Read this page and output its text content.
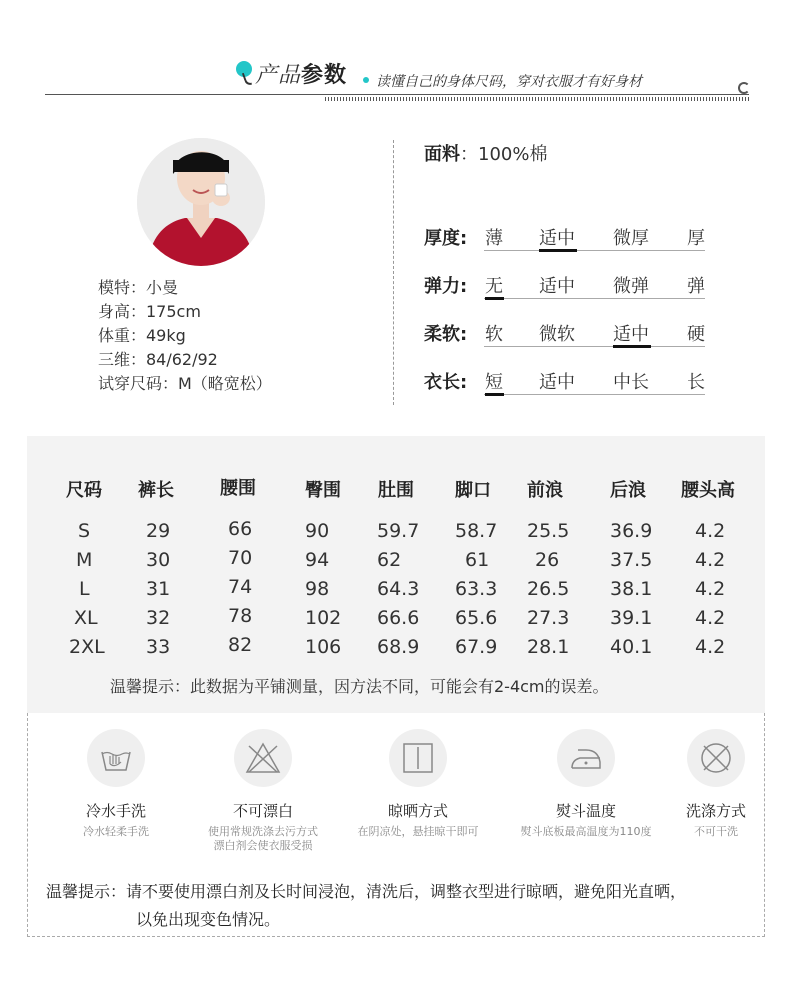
产品 参数 读懂自己的身体尺码，穿对衣服才有好身材
模特：小曼
身高：175cm
体重：49kg
三维：84/62/92
试穿尺码：M（略宽松）
面料：100%棉
厚度: 薄 适中 微厚 厚
弹力: 无 适中 微弹 弹
柔软: 软 微软 适中 硬
衣长: 短 适中 中长 长
尺码 裤长	腰围	臀围 肚围 脚口 前浪	后浪 腰头高
S	29	66	90	59.7 58.7 25.5 36.9 4.2
M	30	70	94	62	61 26	37.5 4.2
L	31	74	98	64.3 63.3 26.5 38.1 4.2
XL	32	78	102 66.6 65.6 27.3 39.1 4.2
2XL 33	82	106 68.9 67.9 28.1 40.1 4.2
温馨提示：此数据为平铺测量，因方法不同，可能会有2-4cm的误差。
冷水手洗
冷水轻柔手洗
不可漂白
使用常规洗涤去污方式
漂白剂会使衣服受损
晾晒方式
在阴凉处，悬挂晾干即可
熨斗温度
熨斗底板最高温度为110度
洗涤方式
不可干洗
温馨提示：请不要使用漂白剂及长时间浸泡，清洗后，调整衣型进行晾晒，避免阳光直晒，
以免出现变色情况。
